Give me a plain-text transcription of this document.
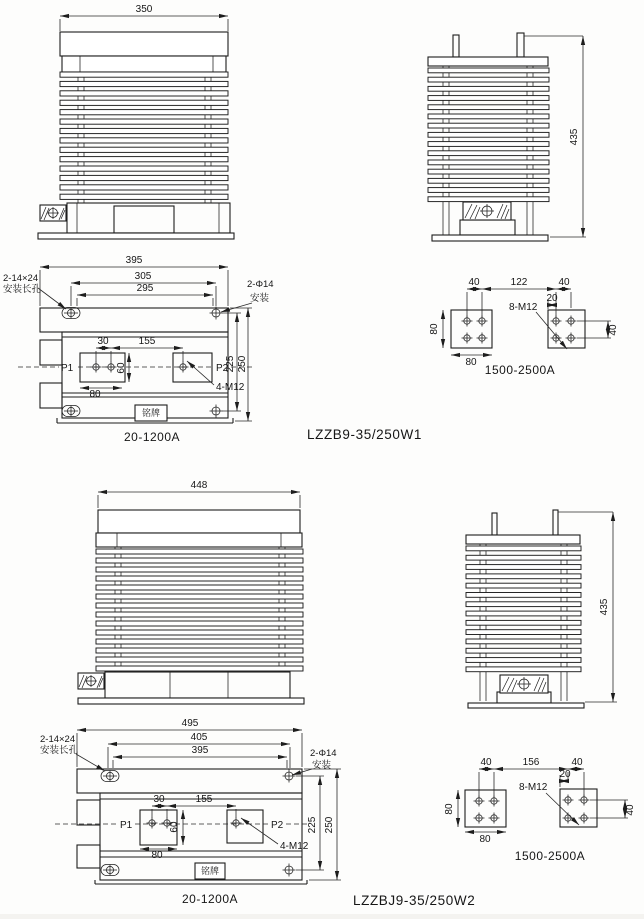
350
435
395
305
295
2-14×24
安装长孔	2-Φ14
安装
P1	P2
30	155
60
80
4-M12
225 250
铭牌
20-1200A
80
80
40	122	40
20
40
8-M12
1500-2500A
LZZB9-35/250W1
448
435
495
405
395
2-14×24
安装长孔	2-Φ14
安装
P1	P2
30	155
60
80
4-M12
225 250
铭牌
20-1200A
80
80
40	156	40
20
40
8-M12
1500-2500A
LZZBJ9-35/250W2
